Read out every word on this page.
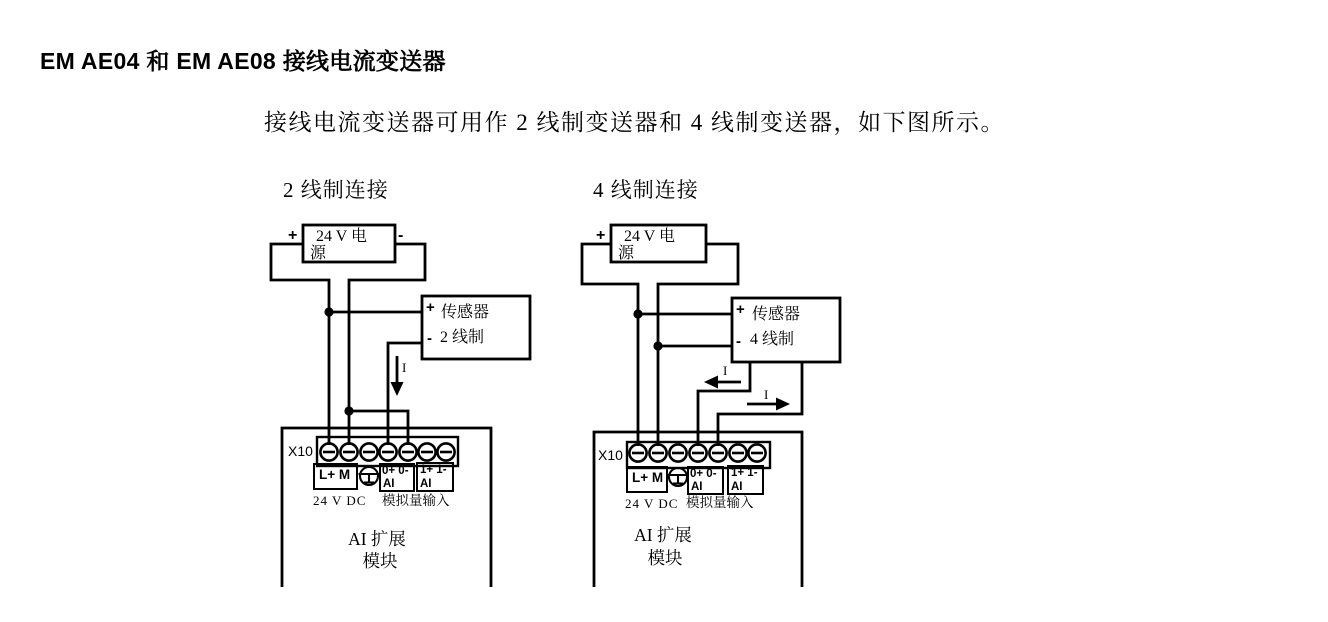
EM AE04 和 EM AE08 接线电流变送器

接线电流变送器可用作 2 线制变送器和 4 线制变送器，如下图所示。

2 线制连接
+ 24 V 电
源
-
+ 传感器
- 2 线制
I
X10
L+ M	0+ 0-
AI
1+ 1-
AI
24 V DC 模拟量输入
AI 扩展
模块
4 线制连接
+ 24 V 电
源
+ 传感器
- 4 线制
I
I
X10
L+ M 0+ 0-
AI
1+ 1-
AI
24 V DC 模拟量输入
AI 扩展
模块
